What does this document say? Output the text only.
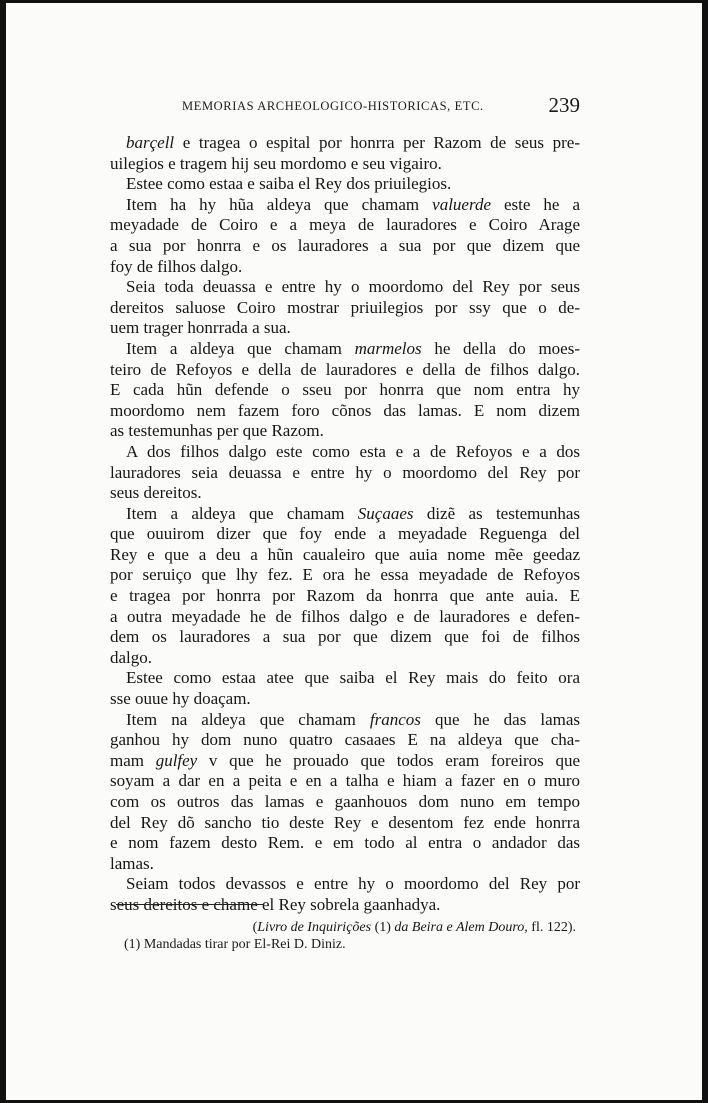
MEMORIAS ARCHEOLOGICO-HISTORICAS, ETC.	239
barçell e tragea o espital por honrra per Razom de seus pre-
uilegios e tragem hij seu mordomo e seu vigairo.
Estee como estaa e saiba el Rey dos priuilegios.
Item ha hy hũa aldeya que chamam valuerde este he a
meyadade de Coiro e a meya de lauradores e Coiro Arage
a sua por honrra e os lauradores a sua por que dizem que
foy de filhos dalgo.
Seia toda deuassa e entre hy o moordomo del Rey por seus
dereitos saluose Coiro mostrar priuilegios por ssy que o de-
uem trager honrrada a sua.
Item a aldeya que chamam marmelos he della do moes-
teiro de Refoyos e della de lauradores e della de filhos dalgo.
E cada hũn defende o sseu por honrra que nom entra hy
moordomo nem fazem foro cõnos das lamas. E nom dizem
as testemunhas per que Razom.
A dos filhos dalgo este como esta e a de Refoyos e a dos
lauradores seia deuassa e entre hy o moordomo del Rey por
seus dereitos.
Item a aldeya que chamam Suçaaes dizẽ as testemunhas
que ouuirom dizer que foy ende a meyadade Reguenga del
Rey e que a deu a hũn caualeiro que auia nome mẽe geedaz
por seruiço que lhy fez. E ora he essa meyadade de Refoyos
e tragea por honrra por Razom da honrra que ante auia. E
a outra meyadade he de filhos dalgo e de lauradores e defen-
dem os lauradores a sua por que dizem que foi de filhos
dalgo.
Estee como estaa atee que saiba el Rey mais do feito ora
sse ouue hy doaçam.
Item na aldeya que chamam francos que he das lamas
ganhou hy dom nuno quatro casaaes E na aldeya que cha-
mam gulfey v que he prouado que todos eram foreiros que
soyam a dar en a peita e en a talha e hiam a fazer en o muro
com os outros das lamas e gaanhouos dom nuno em tempo
del Rey dõ sancho tio deste Rey e desentom fez ende honrra
e nom fazem desto Rem. e em todo al entra o andador das
lamas.
Seiam todos devassos e entre hy o moordomo del Rey por
seus dereitos e chame el Rey sobrela gaanhadya.
(Livro de Inquirições (1) da Beira e Alem Douro, fl. 122).
(1) Mandadas tirar por El-Rei D. Diniz.
